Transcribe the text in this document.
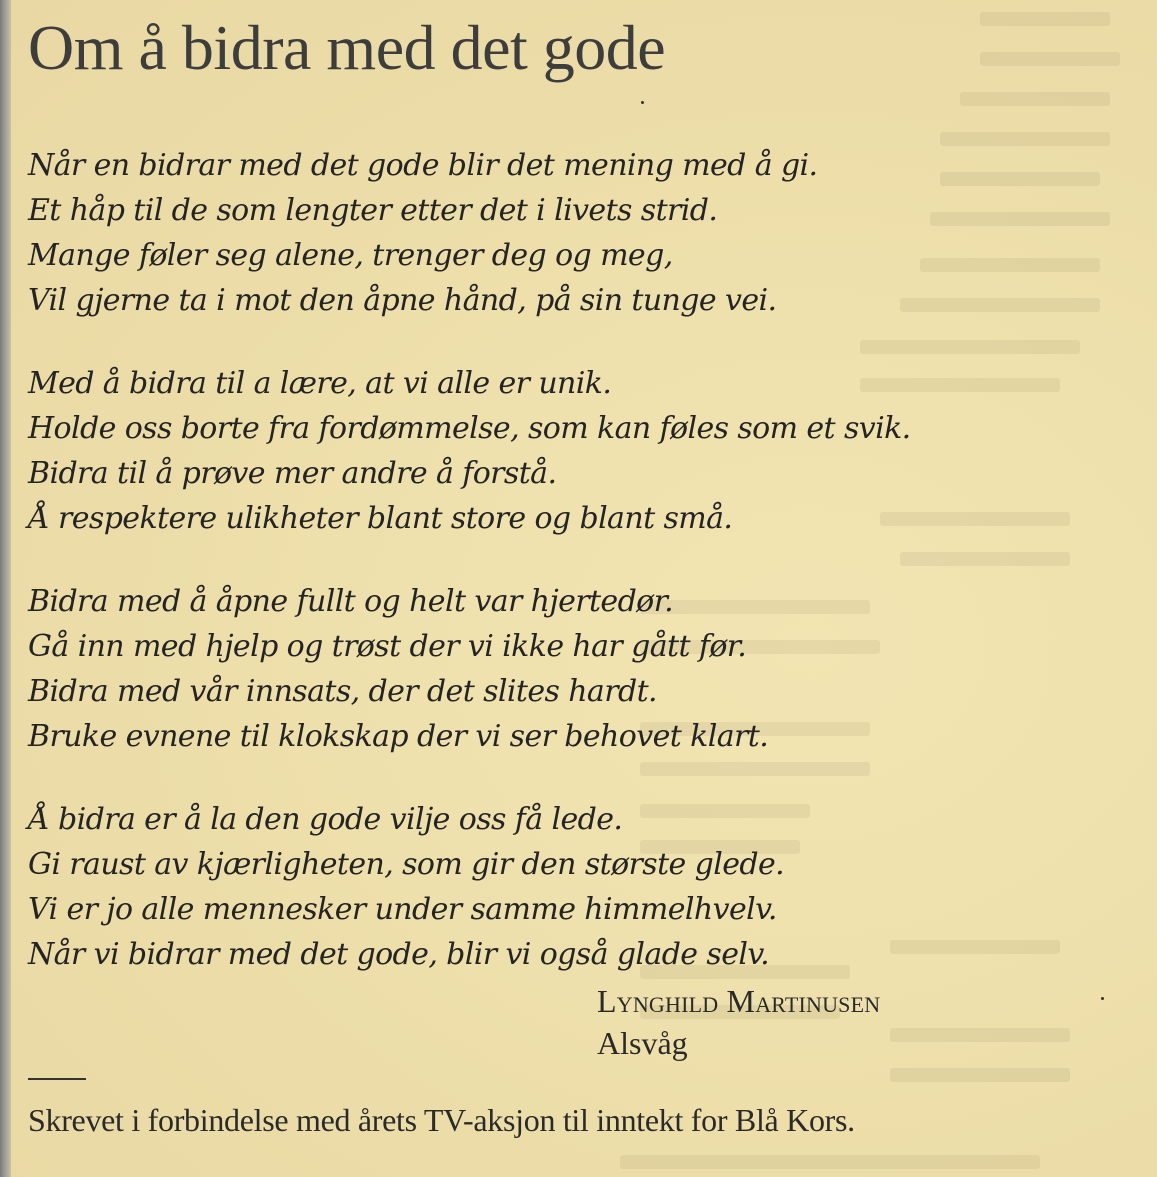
Om å bidra med det gode
Når en bidrar med det gode blir det mening med å gi.
Et håp til de som lengter etter det i livets strid.
Mange føler seg alene, trenger deg og meg,
Vil gjerne ta i mot den åpne hånd, på sin tunge vei.
Med å bidra til a lære, at vi alle er unik.
Holde oss borte fra fordømmelse, som kan føles som et svik.
Bidra til å prøve mer andre å forstå.
Å respektere ulikheter blant store og blant små.
Bidra med å åpne fullt og helt var hjertedør.
Gå inn med hjelp og trøst der vi ikke har gått før.
Bidra med vår innsats, der det slites hardt.
Bruke evnene til klokskap der vi ser behovet klart.
Å bidra er å la den gode vilje oss få lede.
Gi raust av kjærligheten, som gir den største glede.
Vi er jo alle mennesker under samme himmelhvelv.
Når vi bidrar med det gode, blir vi også glade selv.
Lynghild Martinusen
Alsvåg
Skrevet i forbindelse med årets TV-aksjon til inntekt for Blå Kors.
